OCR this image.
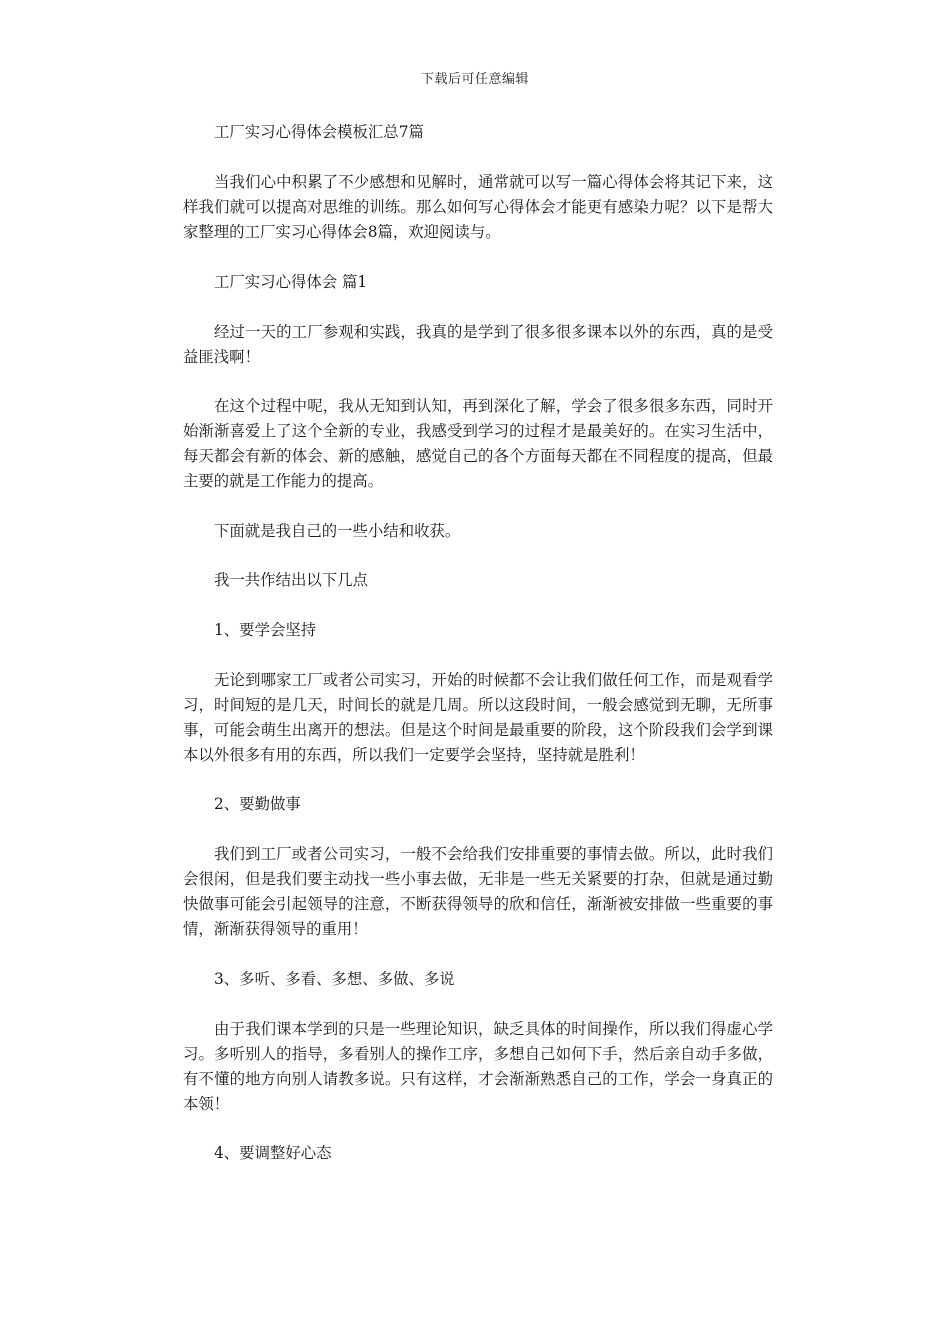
下载后可任意编辑

工厂实习心得体会模板汇总7篇

当我们心中积累了不少感想和见解时，通常就可以写一篇心得体会将其记下来，这样我们就可以提高对思维的训练。那么如何写心得体会才能更有感染力呢？以下是帮大家整理的工厂实习心得体会8篇，欢迎阅读与。

工厂实习心得体会 篇1

经过一天的工厂参观和实践，我真的是学到了很多很多课本以外的东西，真的是受益匪浅啊！

在这个过程中呢，我从无知到认知，再到深化了解，学会了很多很多东西，同时开始渐渐喜爱上了这个全新的专业，我感受到学习的过程才是最美好的。在实习生活中，每天都会有新的体会、新的感触，感觉自己的各个方面每天都在不同程度的提高，但最主要的就是工作能力的提高。

下面就是我自己的一些小结和收获。

我一共作结出以下几点

1、要学会坚持

无论到哪家工厂或者公司实习，开始的时候都不会让我们做任何工作，而是观看学习，时间短的是几天，时间长的就是几周。所以这段时间，一般会感觉到无聊，无所事事，可能会萌生出离开的想法。但是这个时间是最重要的阶段，这个阶段我们会学到课本以外很多有用的东西，所以我们一定要学会坚持，坚持就是胜利！

2、要勤做事

我们到工厂或者公司实习，一般不会给我们安排重要的事情去做。所以，此时我们会很闲，但是我们要主动找一些小事去做，无非是一些无关紧要的打杂，但就是通过勤快做事可能会引起领导的注意，不断获得领导的欣和信任，渐渐被安排做一些重要的事情，渐渐获得领导的重用！

3、多听、多看、多想、多做、多说

由于我们课本学到的只是一些理论知识，缺乏具体的时间操作，所以我们得虚心学习。多听别人的指导，多看别人的操作工序，多想自己如何下手，然后亲自动手多做，有不懂的地方向别人请教多说。只有这样，才会渐渐熟悉自己的工作，学会一身真正的本领！

4、要调整好心态
